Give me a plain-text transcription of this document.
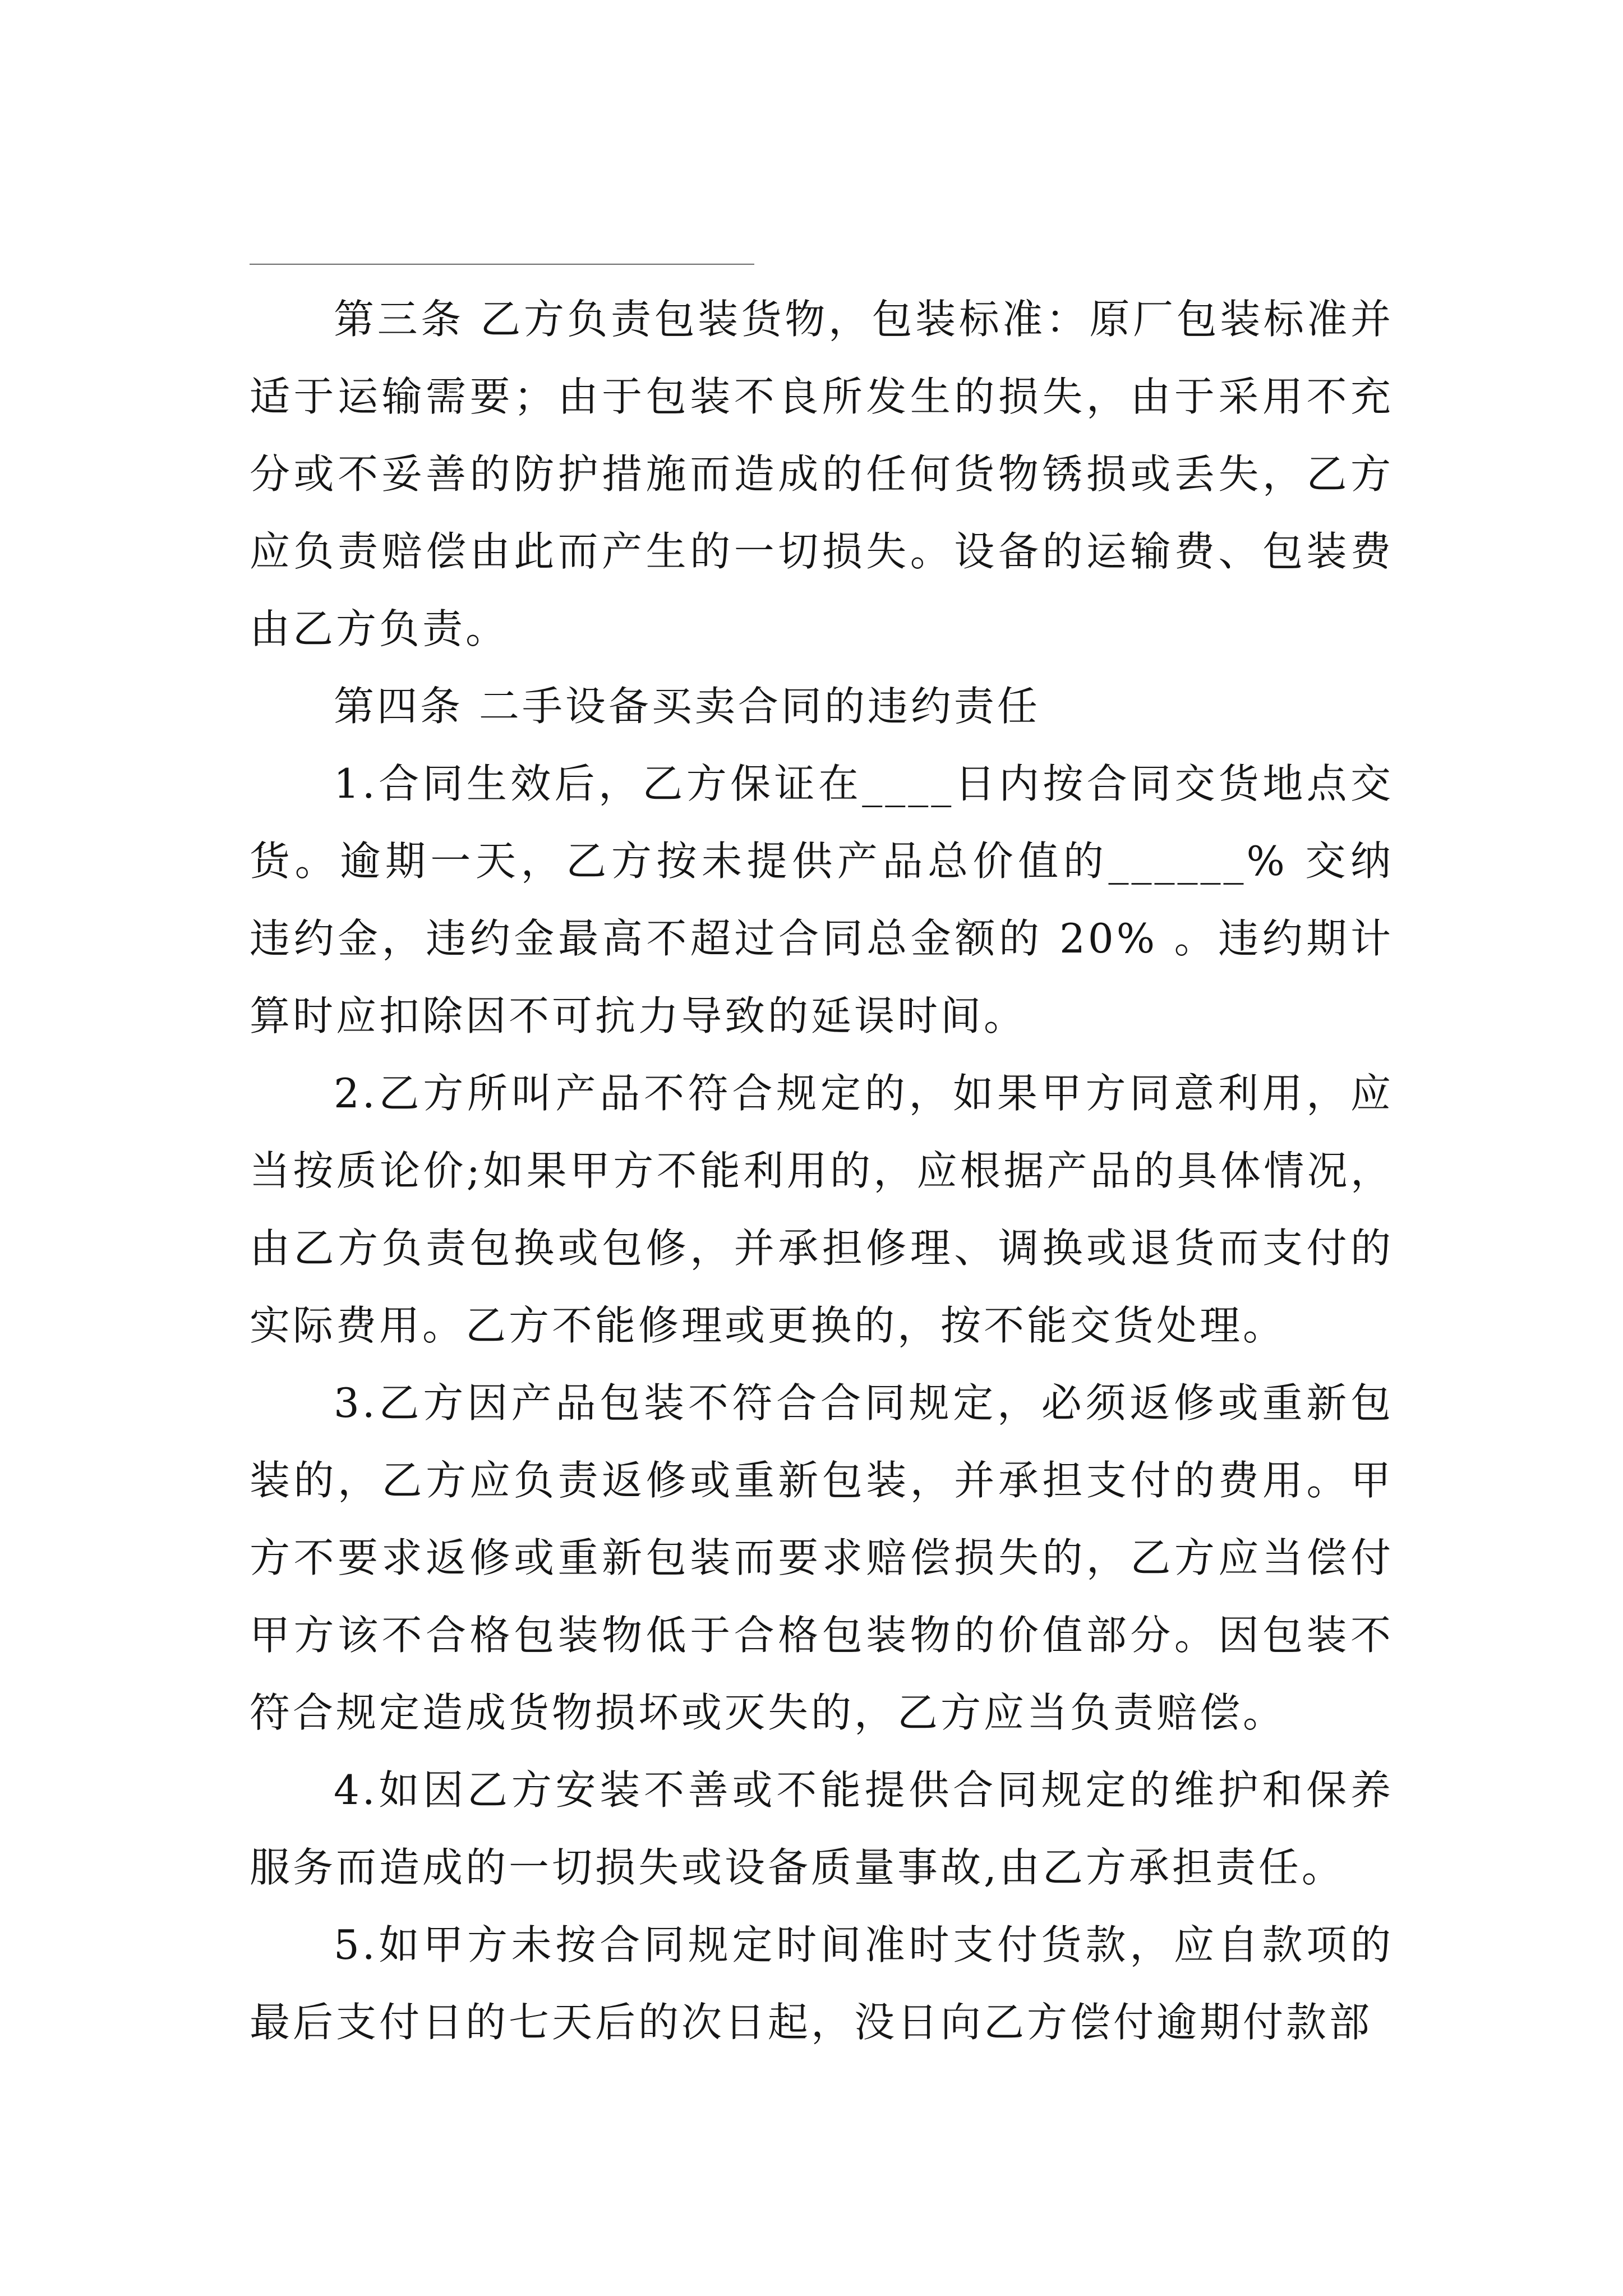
第三条 乙方负责包装货物，包装标准：原厂包装标准并适于运输需要；由于包装不良所发生的损失，由于采用不充分或不妥善的防护措施而造成的任何货物锈损或丢失，乙方应负责赔偿由此而产生的一切损失。设备的运输费、包装费由乙方负责。

第四条 二手设备买卖合同的违约责任

1.合同生效后，乙方保证在____日内按合同交货地点交货。逾期一天，乙方按未提供产品总价值的______% 交纳违约金，违约金最高不超过合同总金额的 20% 。违约期计算时应扣除因不可抗力导致的延误时间。

2.乙方所叫产品不符合规定的，如果甲方同意利用，应当按质论价;如果甲方不能利用的，应根据产品的具体情况，由乙方负责包换或包修，并承担修理、调换或退货而支付的实际费用。乙方不能修理或更换的，按不能交货处理。

3.乙方因产品包装不符合合同规定，必须返修或重新包装的，乙方应负责返修或重新包装，并承担支付的费用。甲方不要求返修或重新包装而要求赔偿损失的，乙方应当偿付甲方该不合格包装物低于合格包装物的价值部分。因包装不符合规定造成货物损坏或灭失的，乙方应当负责赔偿。

4.如因乙方安装不善或不能提供合同规定的维护和保养服务而造成的一切损失或设备质量事故,由乙方承担责任。

5.如甲方未按合同规定时间准时支付货款，应自款项的最后支付日的七天后的次日起，没日向乙方偿付逾期付款部
